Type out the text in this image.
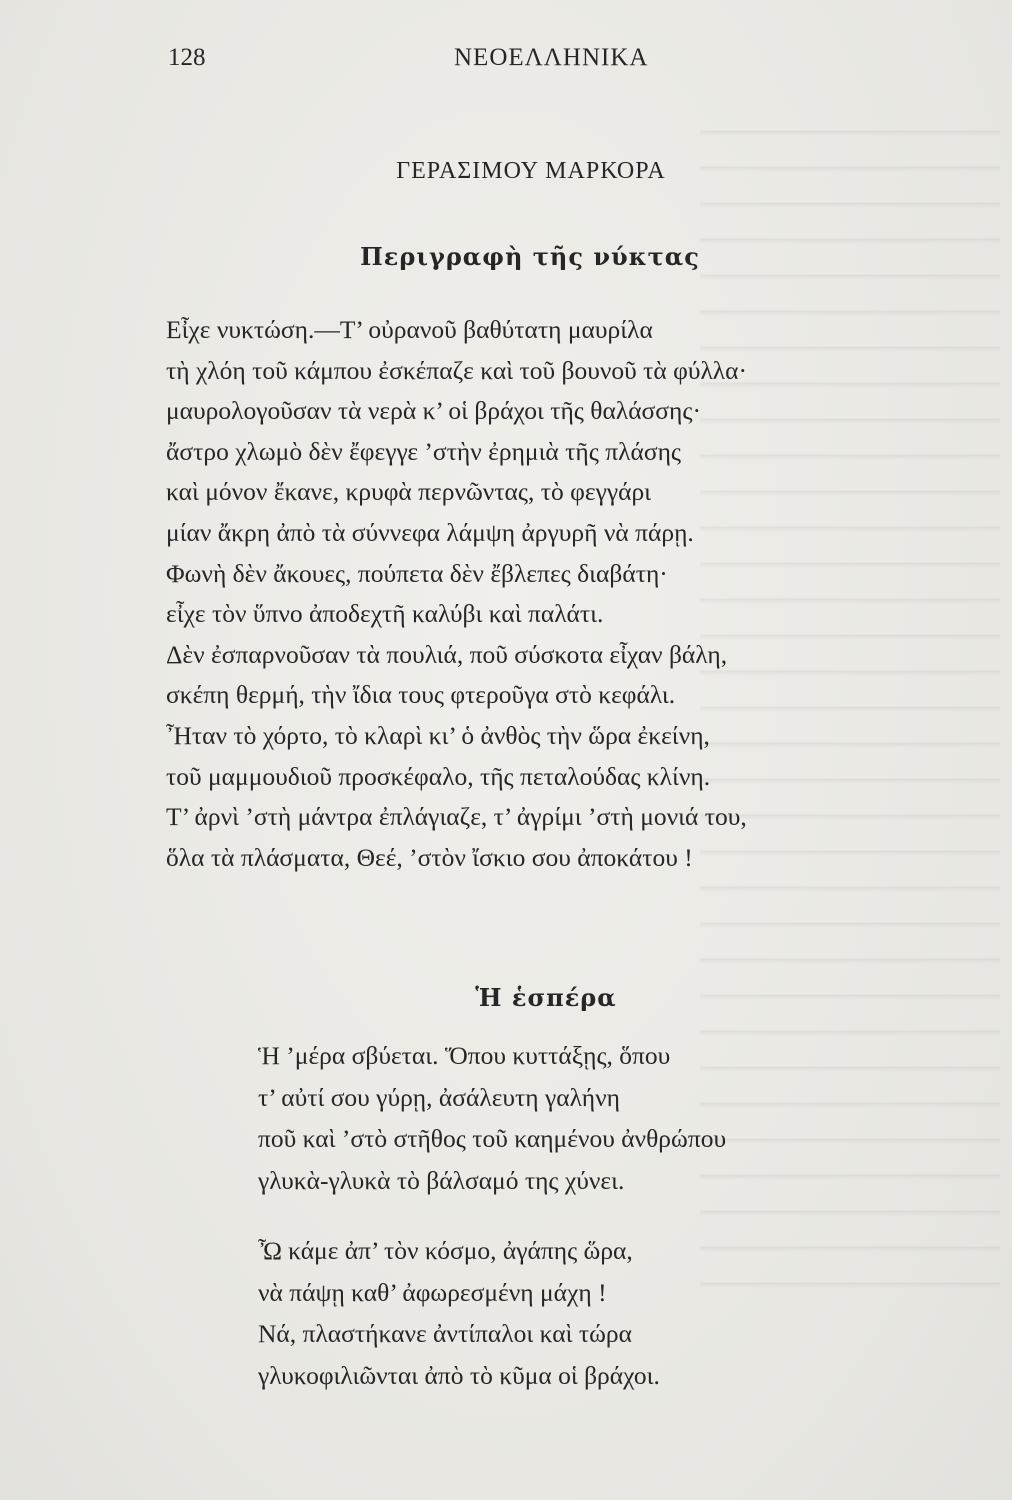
128	ΝΕΟΕΛΛΗΝΙΚΑ
ΓΕΡΑΣΙΜΟΥ ΜΑΡΚΟΡΑ
Περιγραφὴ τῆς νύκτας
Εἶχε νυκτώση.—Τ’ οὐρανοῦ βαθύτατη μαυρίλα
τὴ χλόη τοῦ κάμπου ἐσκέπαζε καὶ τοῦ βουνοῦ τὰ φύλλα·
μαυρολογοῦσαν τὰ νερὰ κ’ οἱ βράχοι τῆς θαλάσσης·
ἄστρο χλωμὸ δὲν ἔφεγγε ’στὴν ἐρημιὰ τῆς πλάσης
καὶ μόνον ἔκανε, κρυφὰ περνῶντας, τὸ φεγγάρι
μίαν ἄκρη ἀπὸ τὰ σύννεφα λάμψη ἀργυρῆ νὰ πάρῃ.
Φωνὴ δὲν ἄκουες, πούπετα δὲν ἔβλεπες διαβάτη·
εἶχε τὸν ὕπνο ἀποδεχτῆ καλύβι καὶ παλάτι.
Δὲν ἐσπαρνοῦσαν τὰ πουλιά, ποῦ σύσκοτα εἶχαν βάλη,
σκέπη θερμή, τὴν ἴδια τους φτεροῦγα στὸ κεφάλι.
Ἦταν τὸ χόρτο, τὸ κλαρὶ κι’ ὁ ἀνθὸς τὴν ὥρα ἐκείνη,
τοῦ μαμμουδιοῦ προσκέφαλο, τῆς πεταλούδας κλίνη.
Τ’ ἀρνὶ ’στὴ μάντρα ἐπλάγιαζε, τ’ ἀγρίμι ’στὴ μονιά του,
ὅλα τὰ πλάσματα, Θεέ, ’στὸν ἴσκιο σου ἀποκάτου !
Ἡ ἑσπέρα
Ἡ ’μέρα σβύεται. Ὅπου κυττάξῃς, ὅπου
τ’ αὐτί σου γύρῃ, ἀσάλευτη γαλήνη
ποῦ καὶ ’στὸ στῆθος τοῦ καημένου ἀνθρώπου
γλυκὰ-γλυκὰ τὸ βάλσαμό της χύνει.
Ὦ κάμε ἀπ’ τὸν κόσμο, ἀγάπης ὥρα,
νὰ πάψῃ καθ’ ἀφωρεσμένη μάχη !
Νά, πλαστήκανε ἀντίπαλοι καὶ τώρα
γλυκοφιλιῶνται ἀπὸ τὸ κῦμα οἱ βράχοι.
